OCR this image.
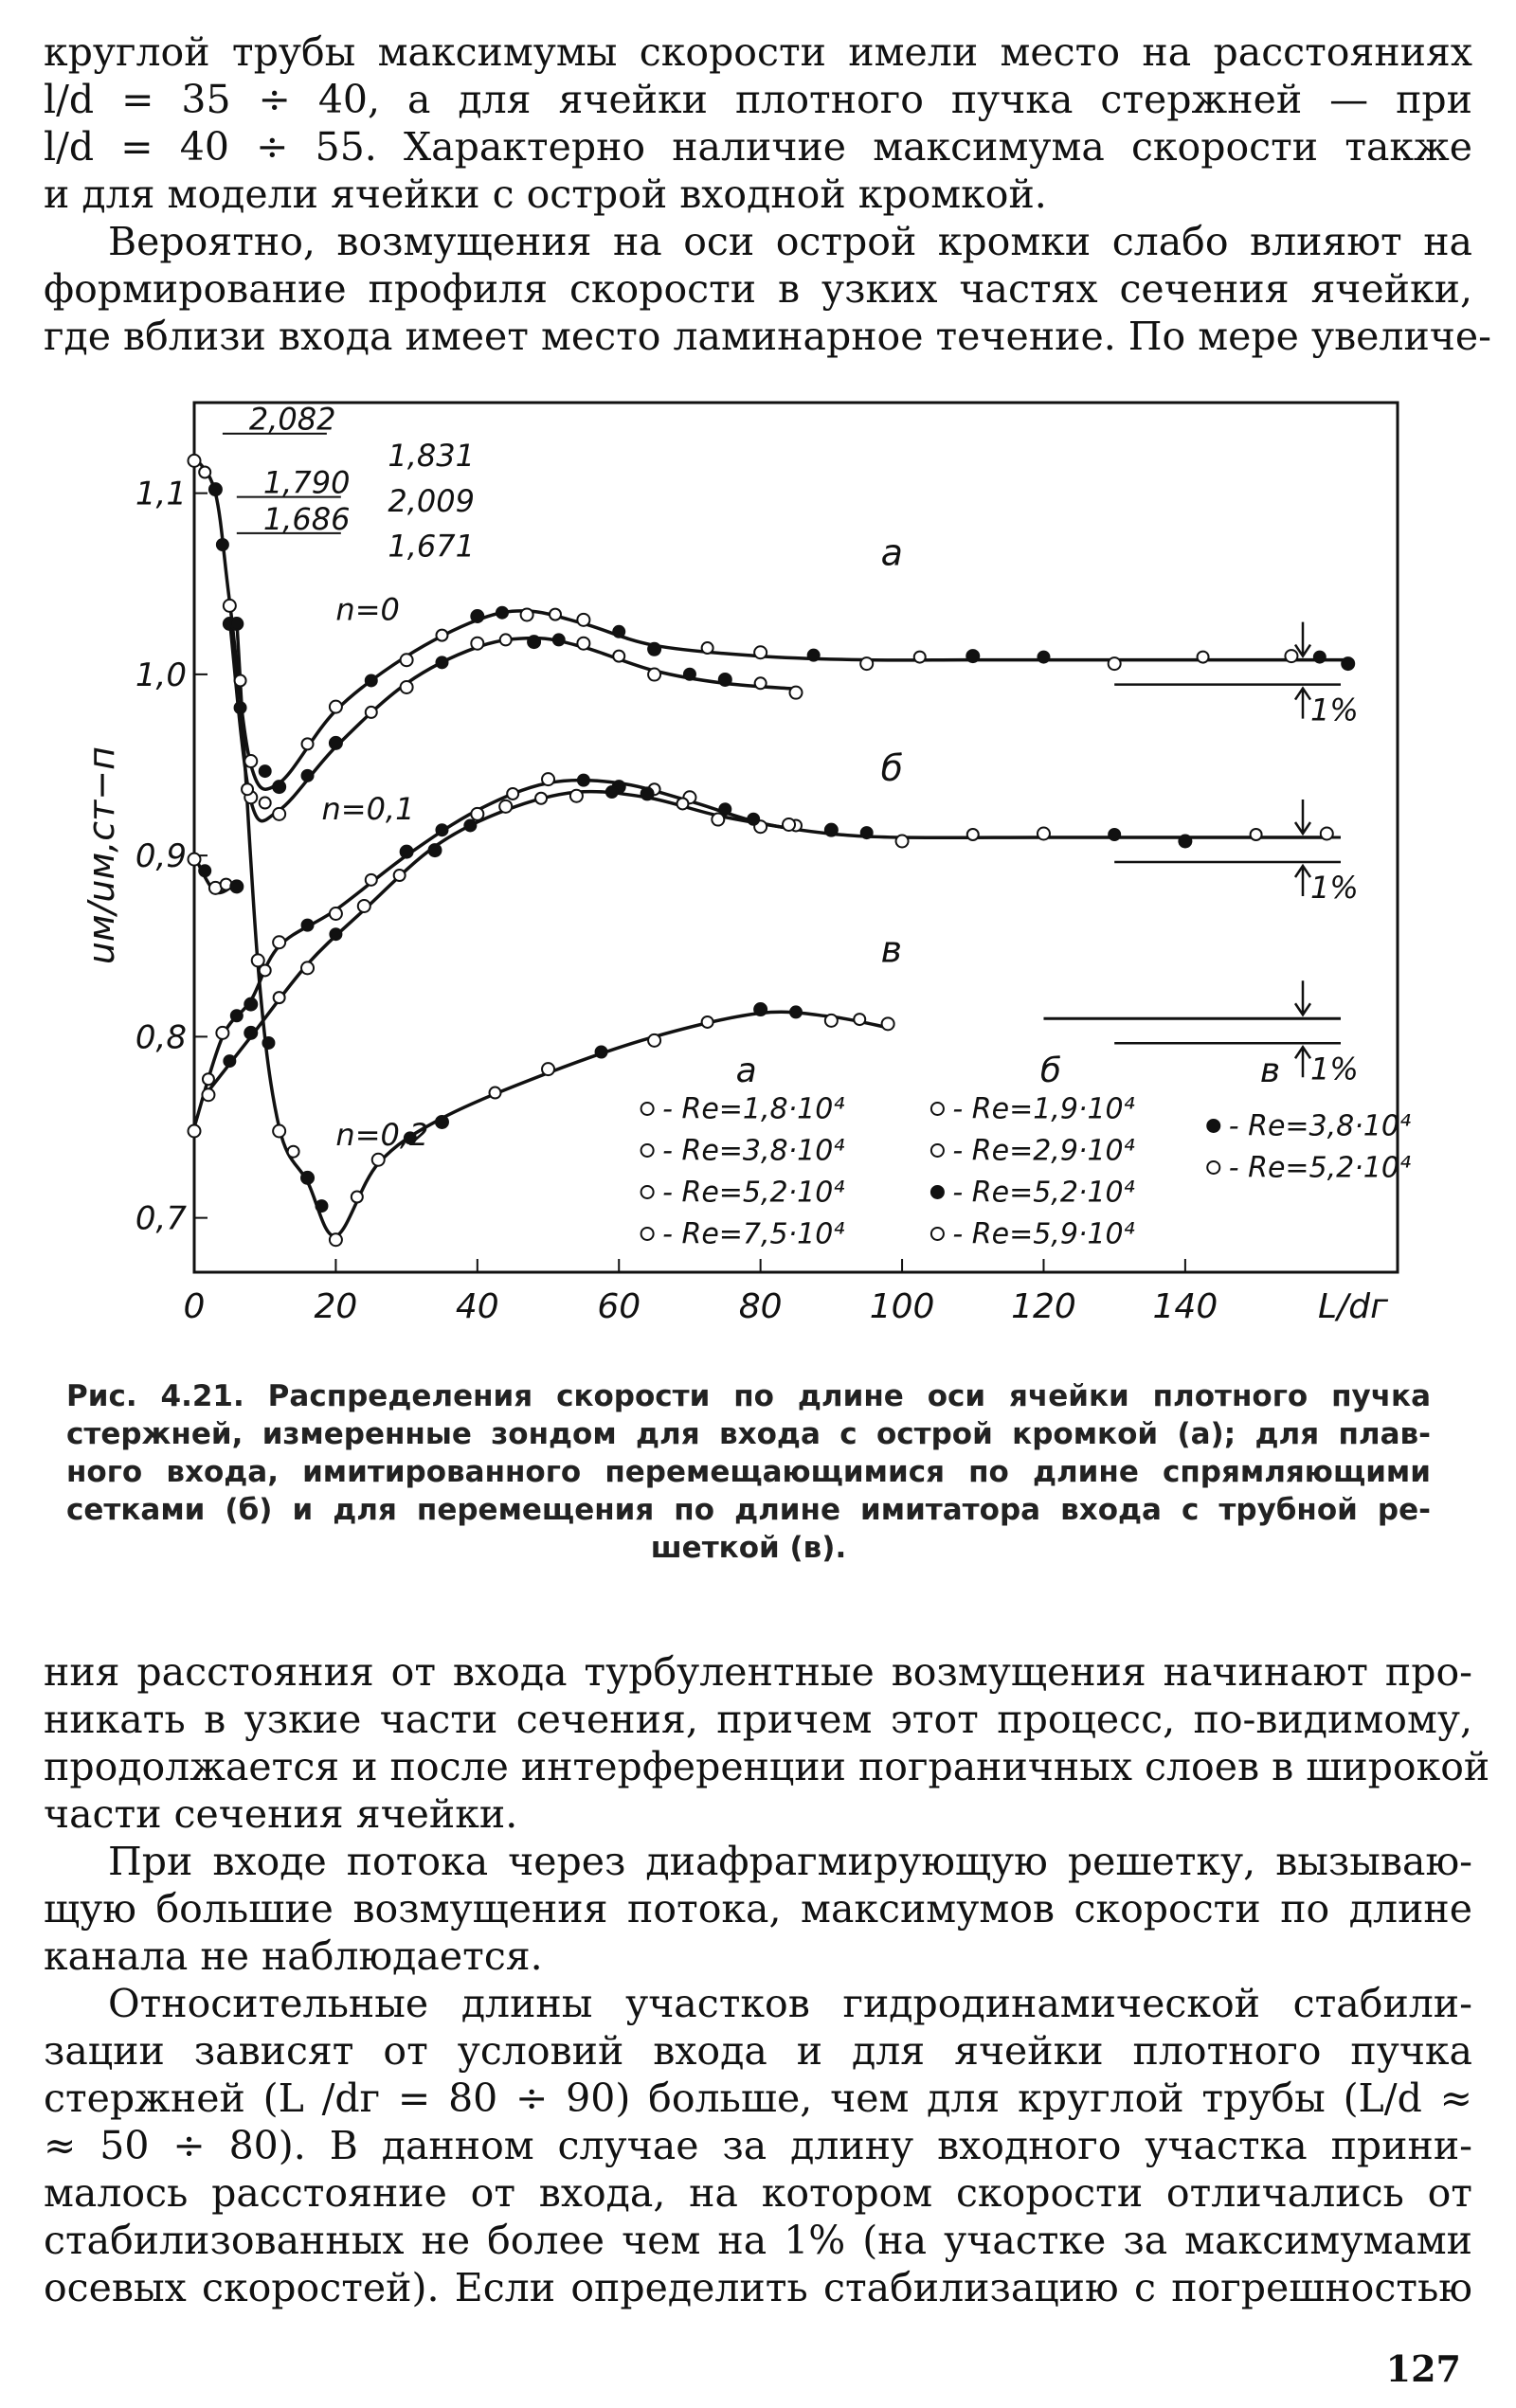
круглой трубы максимумы скорости имели место на расстояниях
l/d = 35 ÷ 40, а для ячейки плотного пучка стержней — при
l/d = 40 ÷ 55. Характерно наличие максимума скорости также
и для модели ячейки с острой входной кромкой.
Вероятно, возмущения на оси острой кромки слабо влияют на
формирование профиля скорости в узких частях сечения ячейки,
где вблизи входа имеет место ламинарное течение. По мере увеличе-
0	20	40	60	80	100 120 140
0,7
0,8
0,9
1,0
1,1
L/dг
uм/uм,ст−п
1%
а
1%
б
1%
в
2,082
1,790
1,686
1,831
2,009
1,671
n=0
n=0,1
n=0,2
а
- Re=1,8·10⁴
- Re=3,8·10⁴
- Re=5,2·10⁴
- Re=7,5·10⁴
б
- Re=1,9·10⁴
- Re=2,9·10⁴
- Re=5,2·10⁴
- Re=5,9·10⁴
в
- Re=3,8·10⁴
- Re=5,2·10⁴
Рис. 4.21. Распределения скорости по длине оси ячейки плотного пучка
стержней, измеренные зондом для входа с острой кромкой (а); для плав-
ного входа, имитированного перемещающимися по длине спрямляющими
сетками (б) и для перемещения по длине имитатора входа с трубной ре-
шеткой (в).
ния расстояния от входа турбулентные возмущения начинают про-
никать в узкие части сечения, причем этот процесс, по-видимому,
продолжается и после интерференции пограничных слоев в широкой
части сечения ячейки.
При входе потока через диафрагмирующую решетку, вызываю-
щую большие возмущения потока, максимумов скорости по длине
канала не наблюдается.
Относительные длины участков гидродинамической стабили-
зации зависят от условий входа и для ячейки плотного пучка
стержней (L /dг = 80 ÷ 90) больше, чем для круглой трубы (L/d ≈
≈ 50 ÷ 80). В данном случае за длину входного участка прини-
малось расстояние от входа, на котором скорости отличались от
стабилизованных не более чем на 1% (на участке за максимумами
осевых скоростей). Если определить стабилизацию с погрешностью
127
